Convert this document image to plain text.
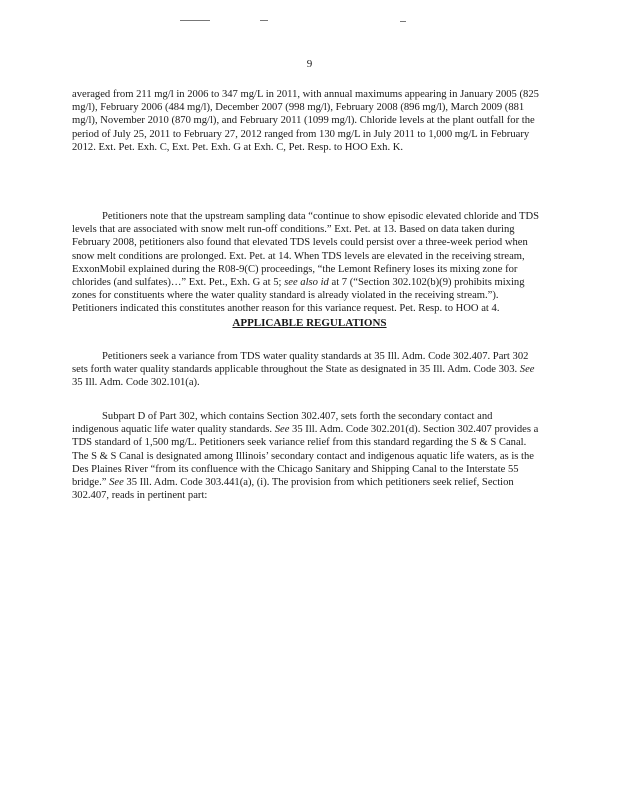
9

averaged from 211 mg/l in 2006 to 347 mg/L in 2011, with annual maximums appearing in January 2005 (825 mg/l), February 2006 (484 mg/l), December 2007 (998 mg/l), February 2008 (896 mg/l), March 2009 (881 mg/l), November 2010 (870 mg/l), and February 2011 (1099 mg/l). Chloride levels at the plant outfall for the period of July 25, 2011 to February 27, 2012 ranged from 130 mg/L in July 2011 to 1,000 mg/L in February 2012. Ext. Pet. Exh. C, Ext. Pet. Exh. G at Exh. C, Pet. Resp. to HOO Exh. K.

Petitioners note that the upstream sampling data “continue to show episodic elevated chloride and TDS levels that are associated with snow melt run-off conditions.” Ext. Pet. at 13. Based on data taken during February 2008, petitioners also found that elevated TDS levels could persist over a three-week period when snow melt conditions are prolonged. Ext. Pet. at 14. When TDS levels are elevated in the receiving stream, ExxonMobil explained during the R08-9(C) proceedings, “the Lemont Refinery loses its mixing zone for chlorides (and sulfates)…” Ext. Pet., Exh. G at 5; see also id at 7 (“Section 302.102(b)(9) prohibits mixing zones for constituents where the water quality standard is already violated in the receiving stream.”). Petitioners indicated this constitutes another reason for this variance request. Pet. Resp. to HOO at 4.

APPLICABLE REGULATIONS

Petitioners seek a variance from TDS water quality standards at 35 Ill. Adm. Code 302.407. Part 302 sets forth water quality standards applicable throughout the State as designated in 35 Ill. Adm. Code 303. See 35 Ill. Adm. Code 302.101(a).

Subpart D of Part 302, which contains Section 302.407, sets forth the secondary contact and indigenous aquatic life water quality standards. See 35 Ill. Adm. Code 302.201(d). Section 302.407 provides a TDS standard of 1,500 mg/L. Petitioners seek variance relief from this standard regarding the S & S Canal. The S & S Canal is designated among Illinois’ secondary contact and indigenous aquatic life waters, as is the Des Plaines River “from its confluence with the Chicago Sanitary and Shipping Canal to the Interstate 55 bridge.” See 35 Ill. Adm. Code 303.441(a), (i). The provision from which petitioners seek relief, Section 302.407, reads in pertinent part:
